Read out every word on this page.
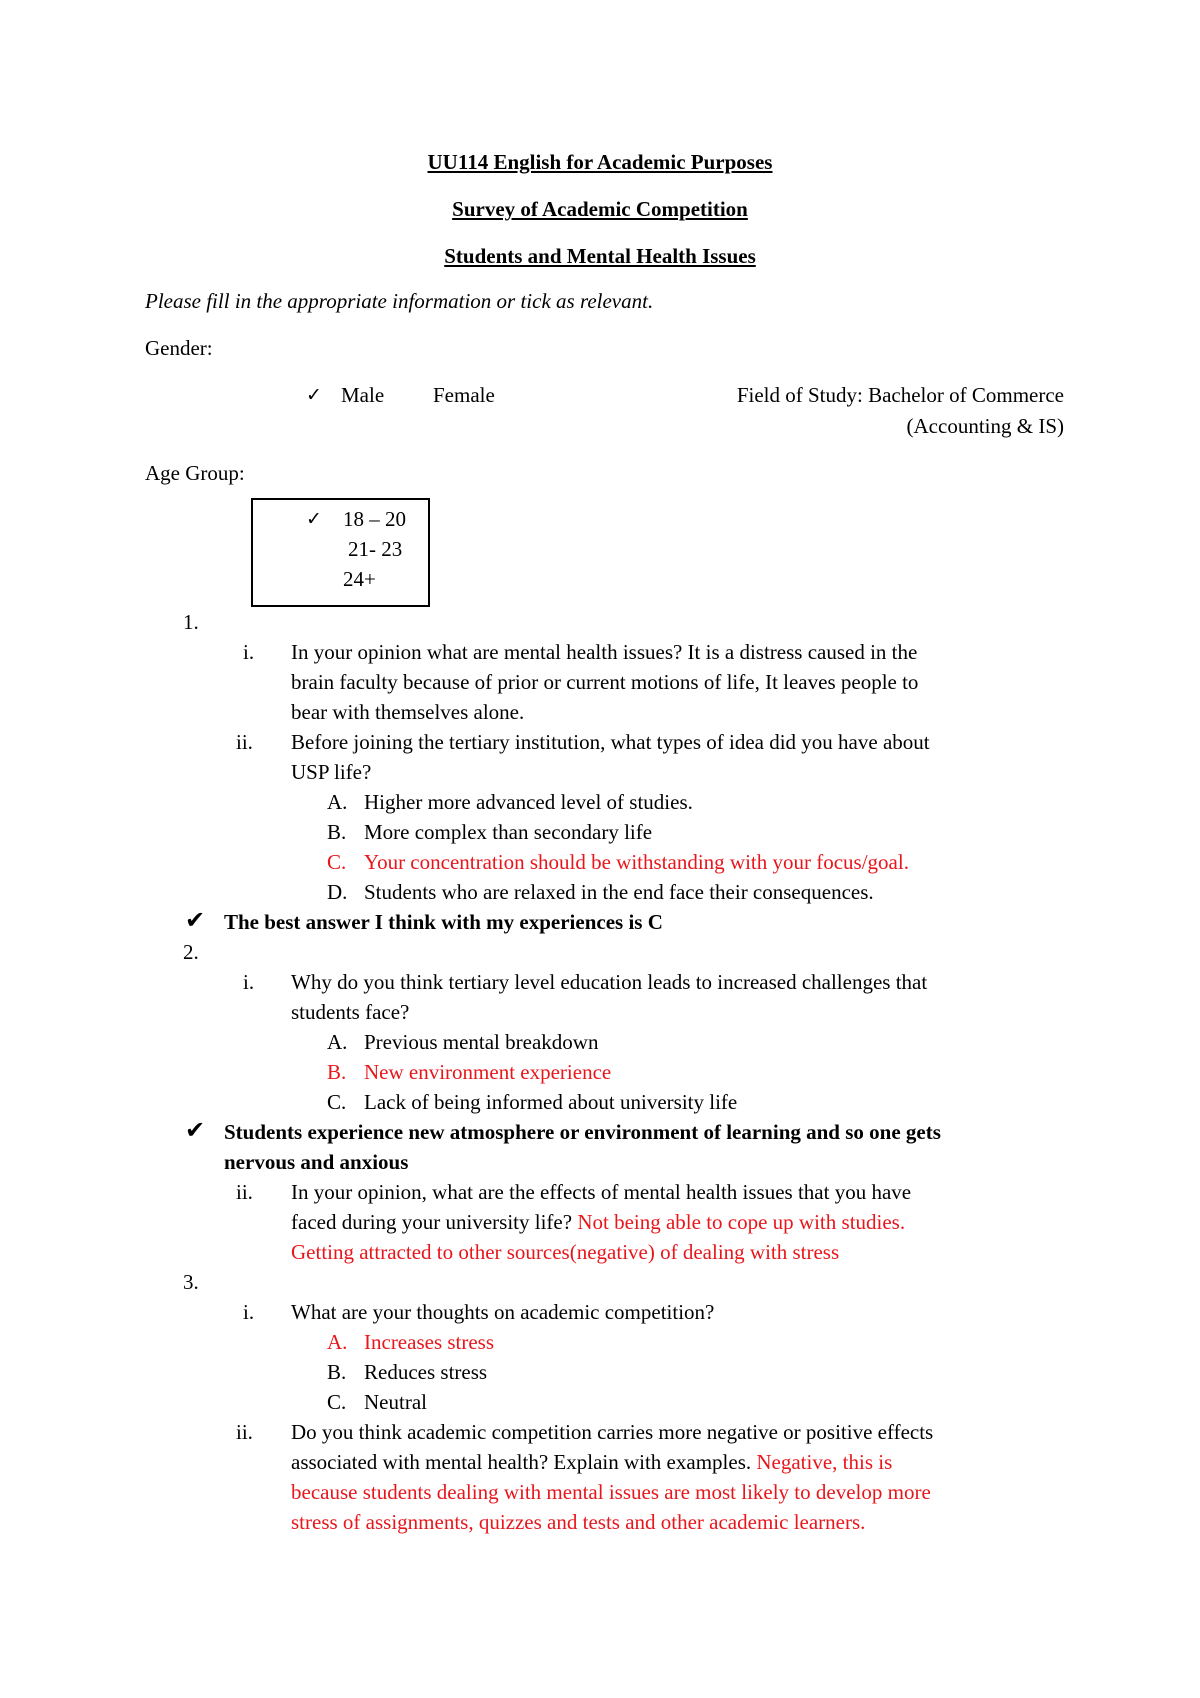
UU114 English for Academic Purposes
Survey of Academic Competition
Students and Mental Health Issues
Please fill in the appropriate information or tick as relevant.
Gender:
✓ Male Female	Field of Study: Bachelor of Commerce
(Accounting & IS)
Age Group:
✓ 18 – 20
21- 23
24+
1.
i. In your opinion what are mental health issues? It is a distress caused in the
brain faculty because of prior or current motions of life, It leaves people to
bear with themselves alone.
ii. Before joining the tertiary institution, what types of idea did you have about
USP life?
A. Higher more advanced level of studies.
B. More complex than secondary life
C. Your concentration should be withstanding with your focus/goal.
D. Students who are relaxed in the end face their consequences.
✔ The best answer I think with my experiences is C
2.
i. Why do you think tertiary level education leads to increased challenges that
students face?
A. Previous mental breakdown
B. New environment experience
C. Lack of being informed about university life
✔ Students experience new atmosphere or environment of learning and so one gets
nervous and anxious
ii. In your opinion, what are the effects of mental health issues that you have
faced during your university life? Not being able to cope up with studies.
Getting attracted to other sources(negative) of dealing with stress
3.
i. What are your thoughts on academic competition?
A. Increases stress
B. Reduces stress
C. Neutral
ii. Do you think academic competition carries more negative or positive effects
associated with mental health? Explain with examples. Negative, this is
because students dealing with mental issues are most likely to develop more
stress of assignments, quizzes and tests and other academic learners.
